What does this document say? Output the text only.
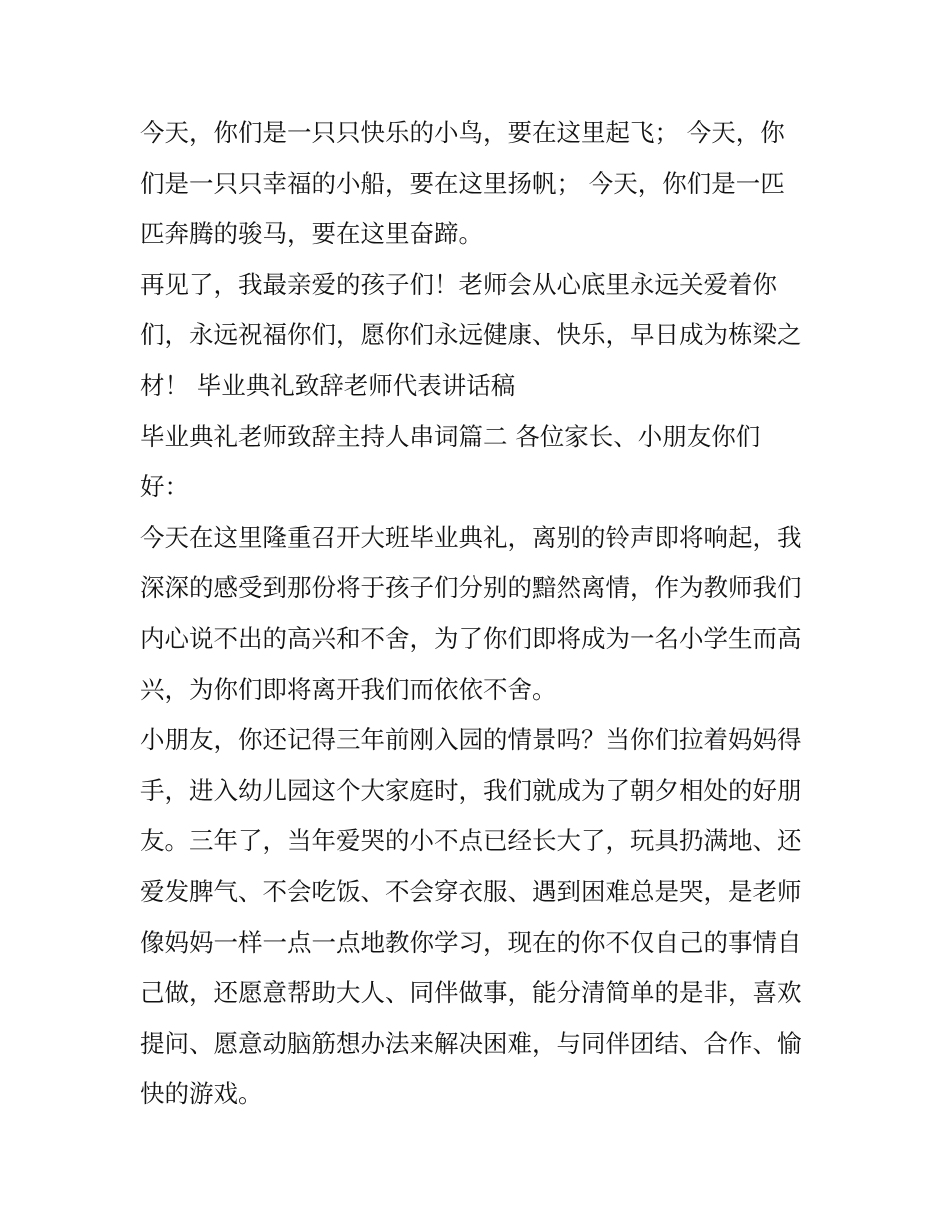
今天，你们是一只只快乐的小鸟，要在这里起飞； 今天，你
们是一只只幸福的小船，要在这里扬帆； 今天，你们是一匹
匹奔腾的骏马，要在这里奋蹄。
再见了，我最亲爱的孩子们！老师会从心底里永远关爱着你
们，永远祝福你们，愿你们永远健康、快乐，早日成为栋梁之
材！ 毕业典礼致辞老师代表讲话稿
毕业典礼老师致辞主持人串词篇二 各位家长、小朋友你们
好：
今天在这里隆重召开大班毕业典礼，离别的铃声即将响起，我
深深的感受到那份将于孩子们分别的黯然离情，作为教师我们
内心说不出的高兴和不舍，为了你们即将成为一名小学生而高
兴，为你们即将离开我们而依依不舍。
小朋友，你还记得三年前刚入园的情景吗？当你们拉着妈妈得
手，进入幼儿园这个大家庭时，我们就成为了朝夕相处的好朋
友。三年了，当年爱哭的小不点已经长大了，玩具扔满地、还
爱发脾气、不会吃饭、不会穿衣服、遇到困难总是哭，是老师
像妈妈一样一点一点地教你学习，现在的你不仅自己的事情自
己做，还愿意帮助大人、同伴做事，能分清简单的是非，喜欢
提问、愿意动脑筋想办法来解决困难，与同伴团结、合作、愉
快的游戏。
